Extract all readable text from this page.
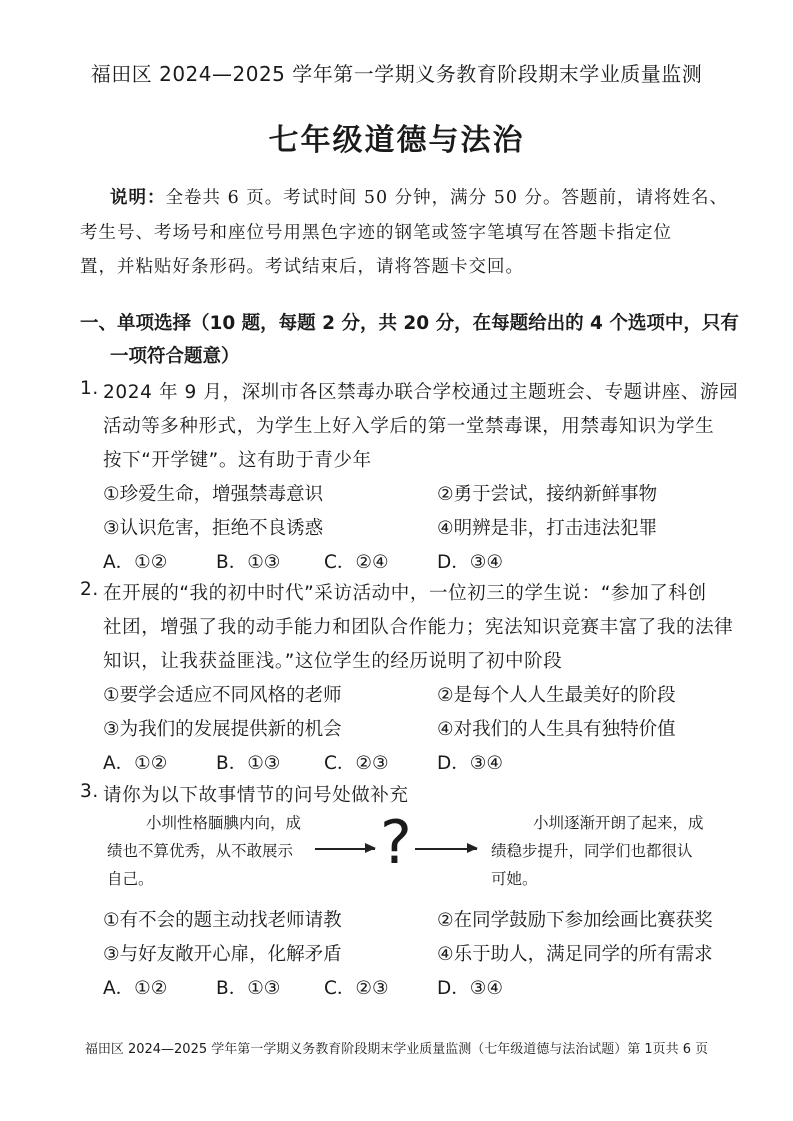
福田区 2024—2025 学年第一学期义务教育阶段期末学业质量监测
七年级道德与法治
说明：全卷共 6 页。考试时间 50 分钟，满分 50 分。答题前，请将姓名、
考生号、考场号和座位号用黑色字迹的钢笔或签字笔填写在答题卡指定位
置，并粘贴好条形码。考试结束后，请将答题卡交回。
一、单项选择（10 题，每题 2 分，共 20 分，在每题给出的 4 个选项中，只有
一项符合题意）
1. 2024 年 9 月，深圳市各区禁毒办联合学校通过主题班会、专题讲座、游园
活动等多种形式，为学生上好入学后的第一堂禁毒课，用禁毒知识为学生
按下“开学键”。这有助于青少年
①珍爱生命，增强禁毒意识	②勇于尝试，接纳新鲜事物
③认识危害，拒绝不良诱惑	④明辨是非，打击违法犯罪
A．①②	B．①③ C．②④	D．③④
2. 在开展的“我的初中时代”采访活动中，一位初三的学生说：“参加了科创
社团，增强了我的动手能力和团队合作能力；宪法知识竞赛丰富了我的法律
知识，让我获益匪浅。”这位学生的经历说明了初中阶段
①要学会适应不同风格的老师	②是每个人人生最美好的阶段
③为我们的发展提供新的机会	④对我们的人生具有独特价值
A．①②	B．①③ C．②③	D．③④
3. 请你为以下故事情节的问号处做补充
小圳性格腼腆内向，成
绩也不算优秀，从不敢展示
自己。
?	小圳逐渐开朗了起来，成
绩稳步提升，同学们也都很认
可她。
①有不会的题主动找老师请教	②在同学鼓励下参加绘画比赛获奖
③与好友敞开心扉，化解矛盾	④乐于助人，满足同学的所有需求
A．①②	B．①③ C．②③	D．③④
福田区 2024—2025 学年第一学期义务教育阶段期末学业质量监测（七年级道德与法治试题）第 1页共 6 页
